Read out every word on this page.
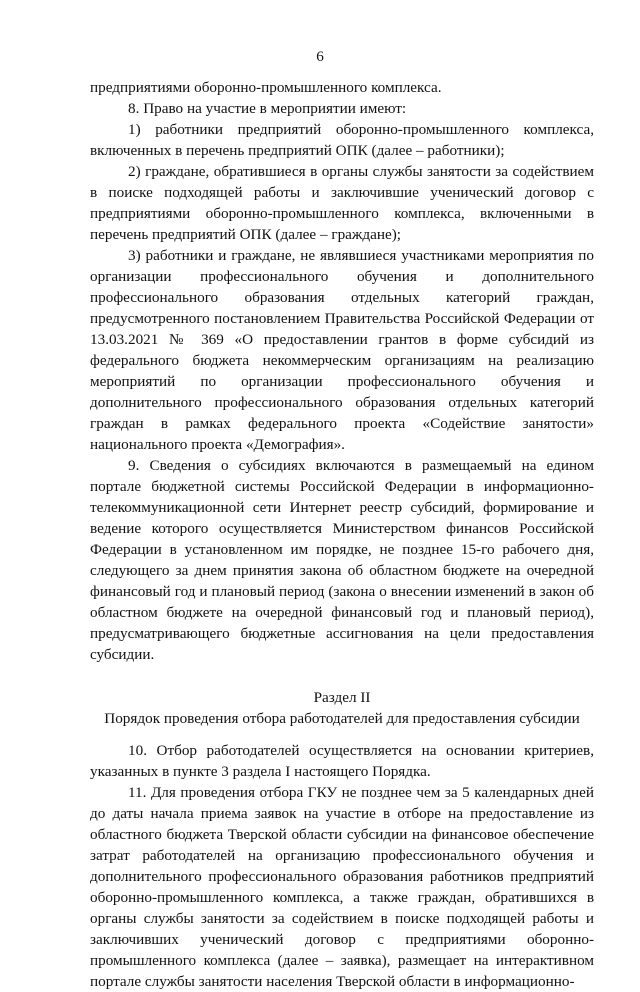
6

предприятиями оборонно-промышленного комплекса.

8. Право на участие в мероприятии имеют:

1) работники предприятий оборонно-промышленного комплекса, включенных в перечень предприятий ОПК (далее – работники);

2) граждане, обратившиеся в органы службы занятости за содействием в поиске подходящей работы и заключившие ученический договор с предприятиями оборонно-промышленного комплекса, включенными в перечень предприятий ОПК (далее – граждане);

3) работники и граждане, не являвшиеся участниками мероприятия по организации профессионального обучения и дополнительного профессионального образования отдельных категорий граждан, предусмотренного постановлением Правительства Российской Федерации от 13.03.2021 № 369 «О предоставлении грантов в форме субсидий из федерального бюджета некоммерческим организациям на реализацию мероприятий по организации профессионального обучения и дополнительного профессионального образования отдельных категорий граждан в рамках федерального проекта «Содействие занятости» национального проекта «Демография».

9. Сведения о субсидиях включаются в размещаемый на едином портале бюджетной системы Российской Федерации в информационно-телекоммуникационной сети Интернет реестр субсидий, формирование и ведение которого осуществляется Министерством финансов Российской Федерации в установленном им порядке, не позднее 15-го рабочего дня, следующего за днем принятия закона об областном бюджете на очередной финансовый год и плановый период (закона о внесении изменений в закон об областном бюджете на очередной финансовый год и плановый период), предусматривающего бюджетные ассигнования на цели предоставления субсидии.

Раздел II

Порядок проведения отбора работодателей для предоставления субсидии

10. Отбор работодателей осуществляется на основании критериев, указанных в пункте 3 раздела I настоящего Порядка.

11. Для проведения отбора ГКУ не позднее чем за 5 календарных дней до даты начала приема заявок на участие в отборе на предоставление из областного бюджета Тверской области субсидии на финансовое обеспечение затрат работодателей на организацию профессионального обучения и дополнительного профессионального образования работников предприятий оборонно-промышленного комплекса, а также граждан, обратившихся в органы службы занятости за содействием в поиске подходящей работы и заключивших ученический договор с предприятиями оборонно-промышленного комплекса (далее – заявка), размещает на интерактивном портале службы занятости населения Тверской области в информационно-
